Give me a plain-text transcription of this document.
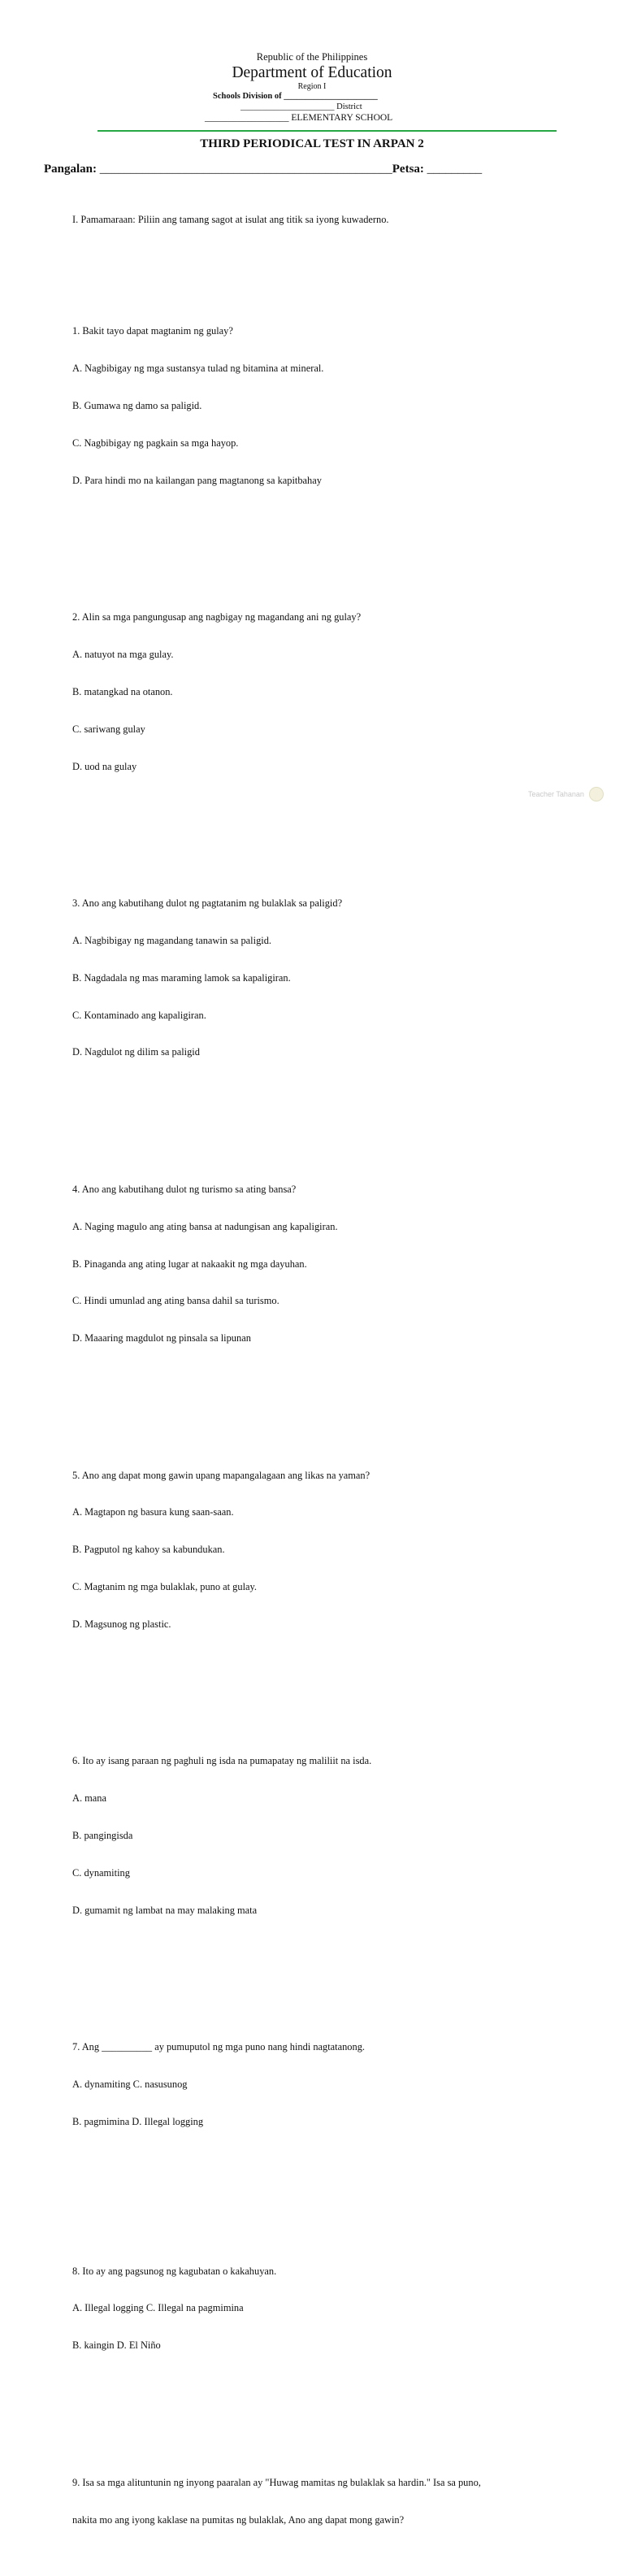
Republic of the Philippines
Department of Education
Region I
Schools Division of ______________________
______________________ District
__________________ ELEMENTARY SCHOOL
THIRD PERIODICAL TEST IN ARPAN 2
Pangalan: ________________________________________________Petsa: _________

I. Pamamaraan: Piliin ang tamang sagot at isulat ang titik sa iyong kuwaderno.

1. Bakit tayo dapat magtanim ng gulay?

A. Nagbibigay ng mga sustansya tulad ng bitamina at mineral.

B. Gumawa ng damo sa paligid.

C. Nagbibigay ng pagkain sa mga hayop.

D. Para hindi mo na kailangan pang magtanong sa kapitbahay

2. Alin sa mga pangungusap ang nagbigay ng magandang ani ng gulay?

A. natuyot na mga gulay.

B. matangkad na otanon.

C. sariwang gulay

D. uod na gulay

3. Ano ang kabutihang dulot ng pagtatanim ng bulaklak sa paligid?

A. Nagbibigay ng magandang tanawin sa paligid.

B. Nagdadala ng mas maraming lamok sa kapaligiran.

C. Kontaminado ang kapaligiran.

D. Nagdulot ng dilim sa paligid

4. Ano ang kabutihang dulot ng turismo sa ating bansa?

A. Naging magulo ang ating bansa at nadungisan ang kapaligiran.

B. Pinaganda ang ating lugar at nakaakit ng mga dayuhan.

C. Hindi umunlad ang ating bansa dahil sa turismo.

D. Maaaring magdulot ng pinsala sa lipunan

5. Ano ang dapat mong gawin upang mapangalagaan ang likas na yaman?

A. Magtapon ng basura kung saan-saan.

B. Pagputol ng kahoy sa kabundukan.

C. Magtanim ng mga bulaklak, puno at gulay.

D. Magsunog ng plastic.

6. Ito ay isang paraan ng paghuli ng isda na pumapatay ng maliliit na isda.

A. mana

B. pangingisda

C. dynamiting

D. gumamit ng lambat na may malaking mata

7. Ang __________ ay pumuputol ng mga puno nang hindi nagtatanong.

A. dynamiting C. nasusunog

B. pagmimina D. Illegal logging

8. Ito ay ang pagsunog ng kagubatan o kakahuyan.

A. Illegal logging C. Illegal na pagmimina

B. kaingin D. El Niño

9. Isa sa mga alituntunin ng inyong paaralan ay "Huwag mamitas ng bulaklak sa hardin." Isa sa puno,

nakita mo ang iyong kaklase na pumitas ng bulaklak, Ano ang dapat mong gawin?

Teacher Tahanan
